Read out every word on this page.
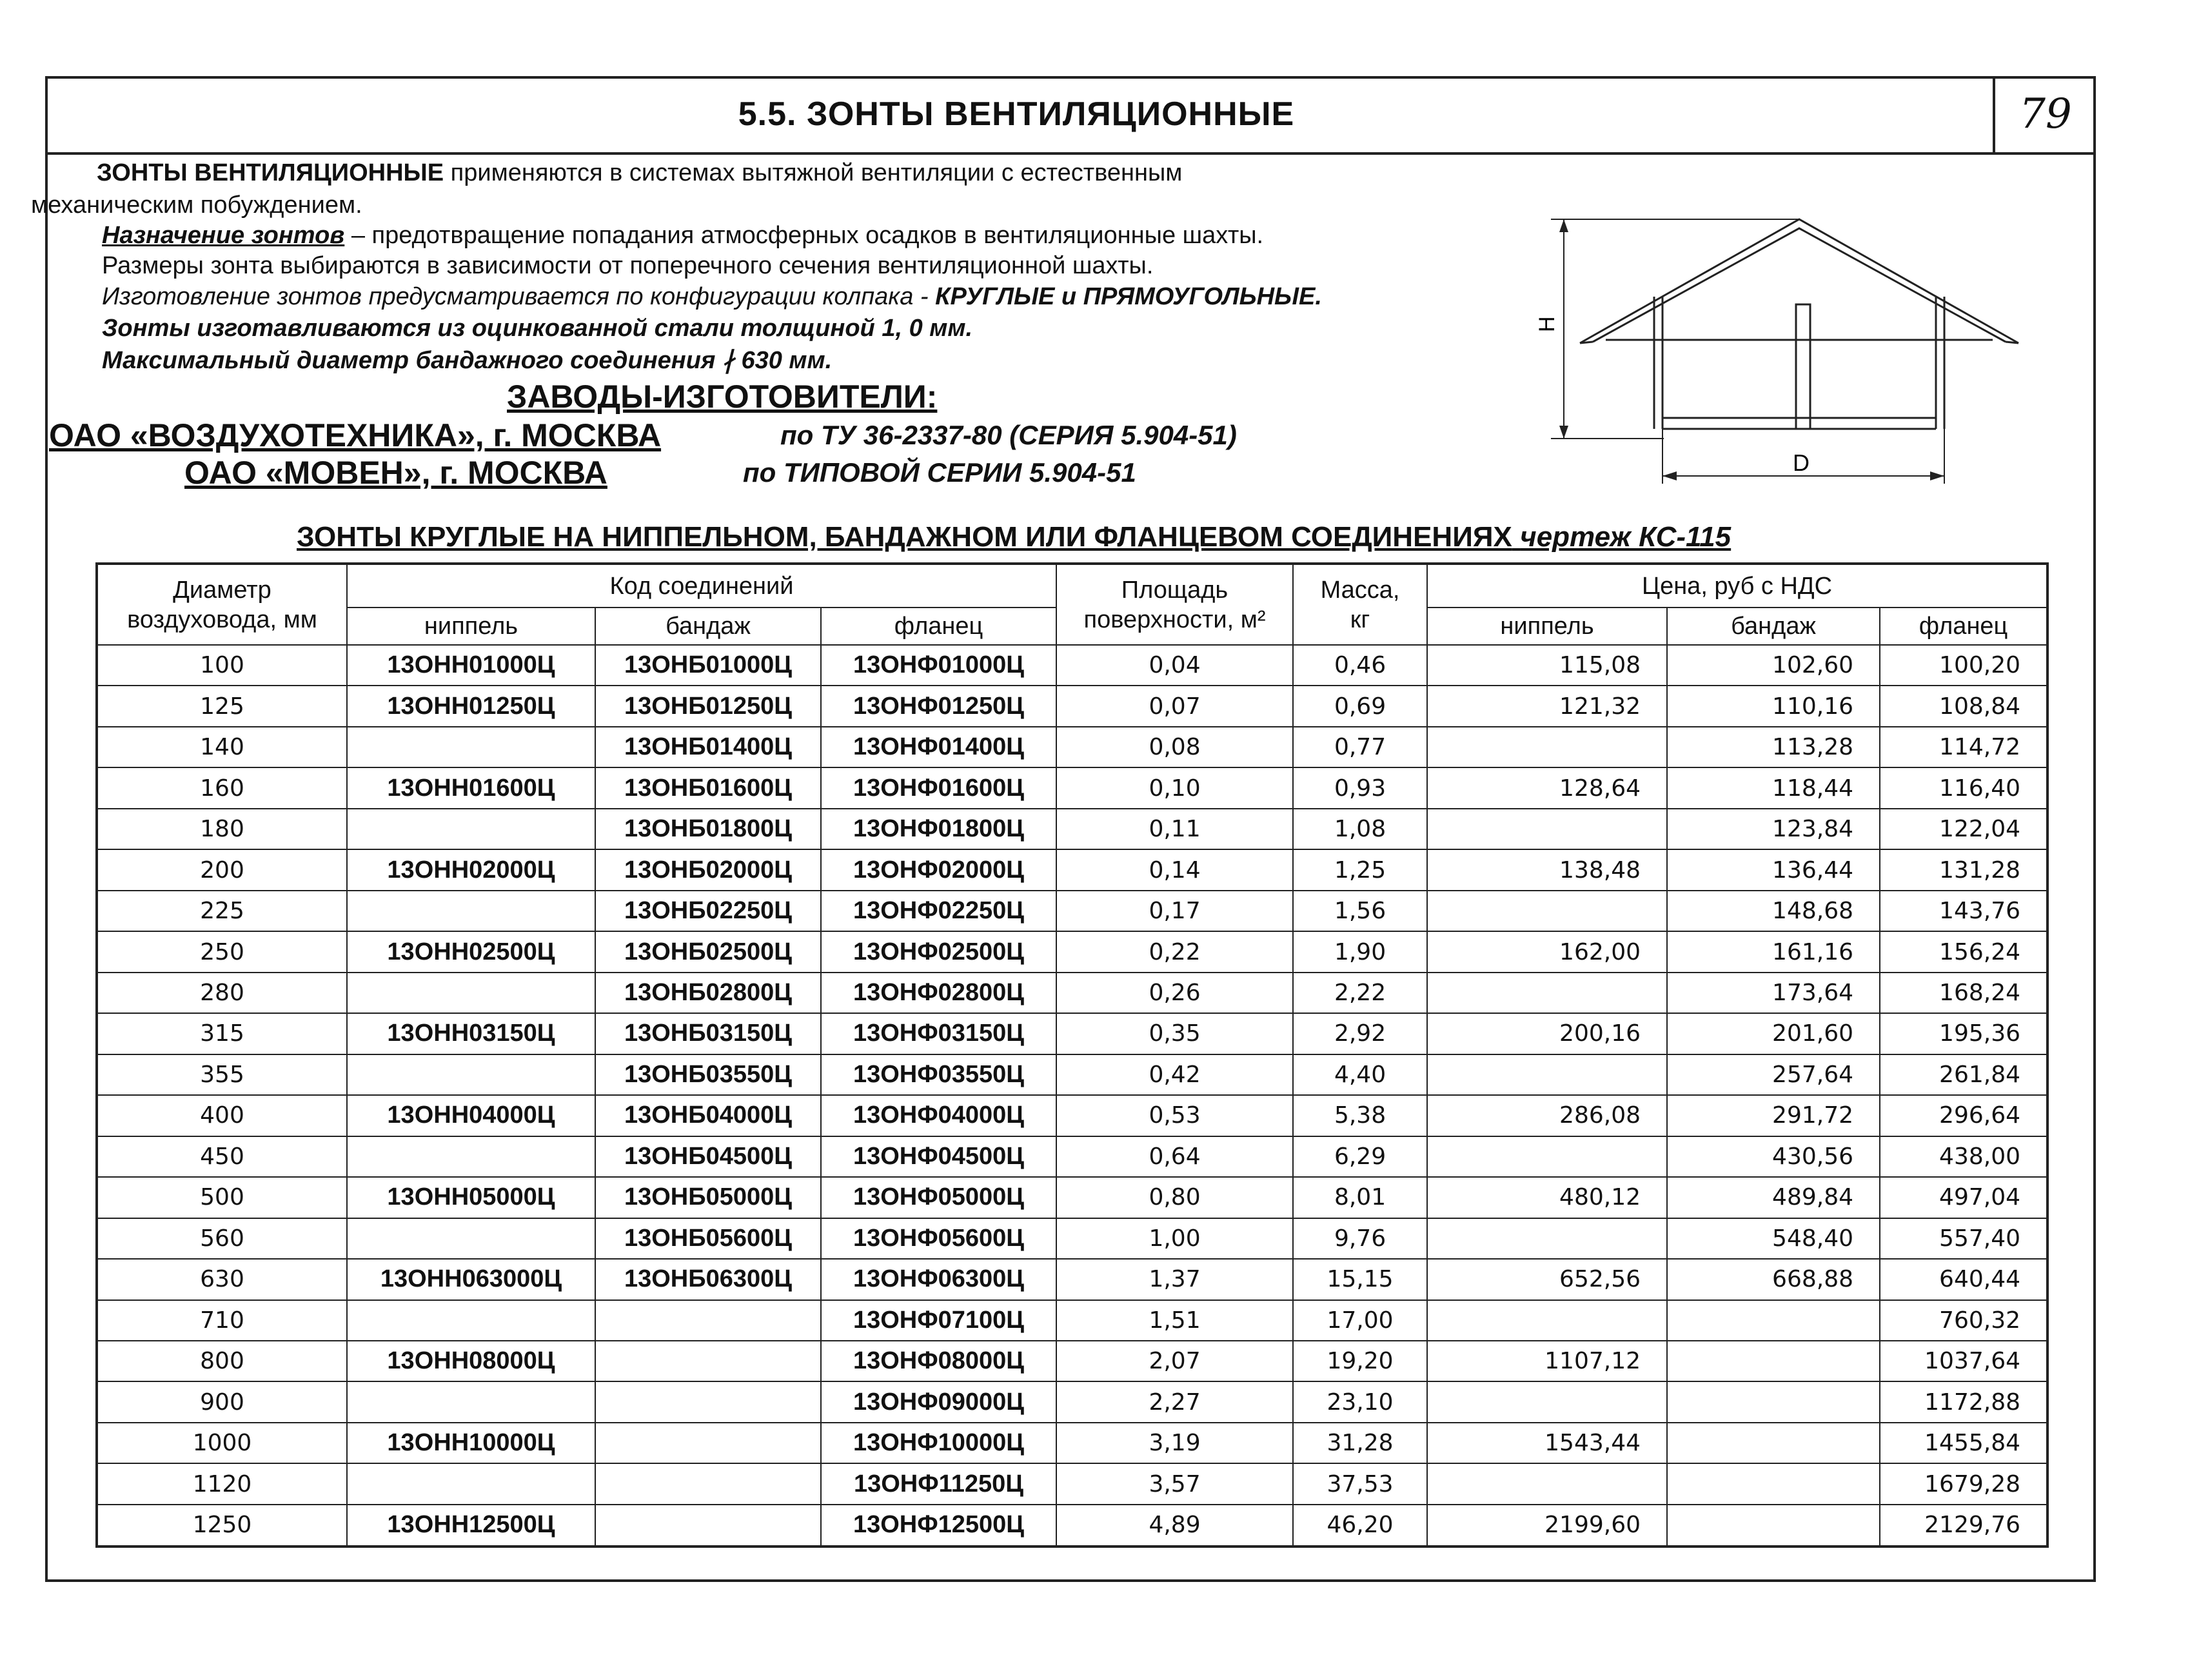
5.5. ЗОНТЫ ВЕНТИЛЯЦИОННЫЕ	79
ЗОНТЫ ВЕНТИЛЯЦИОННЫЕ применяются в системах вытяжной вентиляции с естественным
механическим побуждением.
Назначение зонтов – предотвращение попадания атмосферных осадков в вентиляционные шахты.
Размеры зонта выбираются в зависимости от поперечного сечения вентиляционной шахты.
Изготовление зонтов предусматривается по конфигурации колпака - КРУГЛЫЕ и ПРЯМОУГОЛЬНЫЕ.
Зонты изготавливаются из оцинкованной стали толщиной 1, 0 мм.
Максимальный диаметр бандажного соединения ∤ 630 мм.
ЗАВОДЫ-ИЗГОТОВИТЕЛИ:
ОАО «ВОЗДУХОТЕХНИКА», г. МОСКВА	по ТУ 36-2337-80 (СЕРИЯ 5.904-51)
ОАО «МОВЕН», г. МОСКВА	по ТИПОВОЙ СЕРИИ 5.904-51
Н
D
ЗОНТЫ КРУГЛЫЕ НА НИППЕЛЬНОМ, БАНДАЖНОМ ИЛИ ФЛАНЦЕВОМ СОЕДИНЕНИЯХ чертеж КС-115
Диаметр
воздуховода, мм	Код соединений			Площадь
поверхности, м²	Масса,
кг	Цена, руб с НДС		
	ниппель	бандаж	фланец			ниппель	бандаж	фланец
100	13ОНН01000Ц	13ОНБ01000Ц	13ОНФ01000Ц	0,04	0,46	115,08	102,60	100,20
125	13ОНН01250Ц	13ОНБ01250Ц	13ОНФ01250Ц	0,07	0,69	121,32	110,16	108,84
140		13ОНБ01400Ц	13ОНФ01400Ц	0,08	0,77		113,28	114,72
160	13ОНН01600Ц	13ОНБ01600Ц	13ОНФ01600Ц	0,10	0,93	128,64	118,44	116,40
180		13ОНБ01800Ц	13ОНФ01800Ц	0,11	1,08		123,84	122,04
200	13ОНН02000Ц	13ОНБ02000Ц	13ОНФ02000Ц	0,14	1,25	138,48	136,44	131,28
225		13ОНБ02250Ц	13ОНФ02250Ц	0,17	1,56		148,68	143,76
250	13ОНН02500Ц	13ОНБ02500Ц	13ОНФ02500Ц	0,22	1,90	162,00	161,16	156,24
280		13ОНБ02800Ц	13ОНФ02800Ц	0,26	2,22		173,64	168,24
315	13ОНН03150Ц	13ОНБ03150Ц	13ОНФ03150Ц	0,35	2,92	200,16	201,60	195,36
355		13ОНБ03550Ц	13ОНФ03550Ц	0,42	4,40		257,64	261,84
400	13ОНН04000Ц	13ОНБ04000Ц	13ОНФ04000Ц	0,53	5,38	286,08	291,72	296,64
450		13ОНБ04500Ц	13ОНФ04500Ц	0,64	6,29		430,56	438,00
500	13ОНН05000Ц	13ОНБ05000Ц	13ОНФ05000Ц	0,80	8,01	480,12	489,84	497,04
560		13ОНБ05600Ц	13ОНФ05600Ц	1,00	9,76		548,40	557,40
630	13ОНН063000Ц	13ОНБ06300Ц	13ОНФ06300Ц	1,37	15,15	652,56	668,88	640,44
710			13ОНФ07100Ц	1,51	17,00			760,32
800	13ОНН08000Ц		13ОНФ08000Ц	2,07	19,20	1107,12		1037,64
900			13ОНФ09000Ц	2,27	23,10			1172,88
1000	13ОНН10000Ц		13ОНФ10000Ц	3,19	31,28	1543,44		1455,84
1120			13ОНФ11250Ц	3,57	37,53			1679,28
1250	13ОНН12500Ц		13ОНФ12500Ц	4,89	46,20	2199,60		2129,76
